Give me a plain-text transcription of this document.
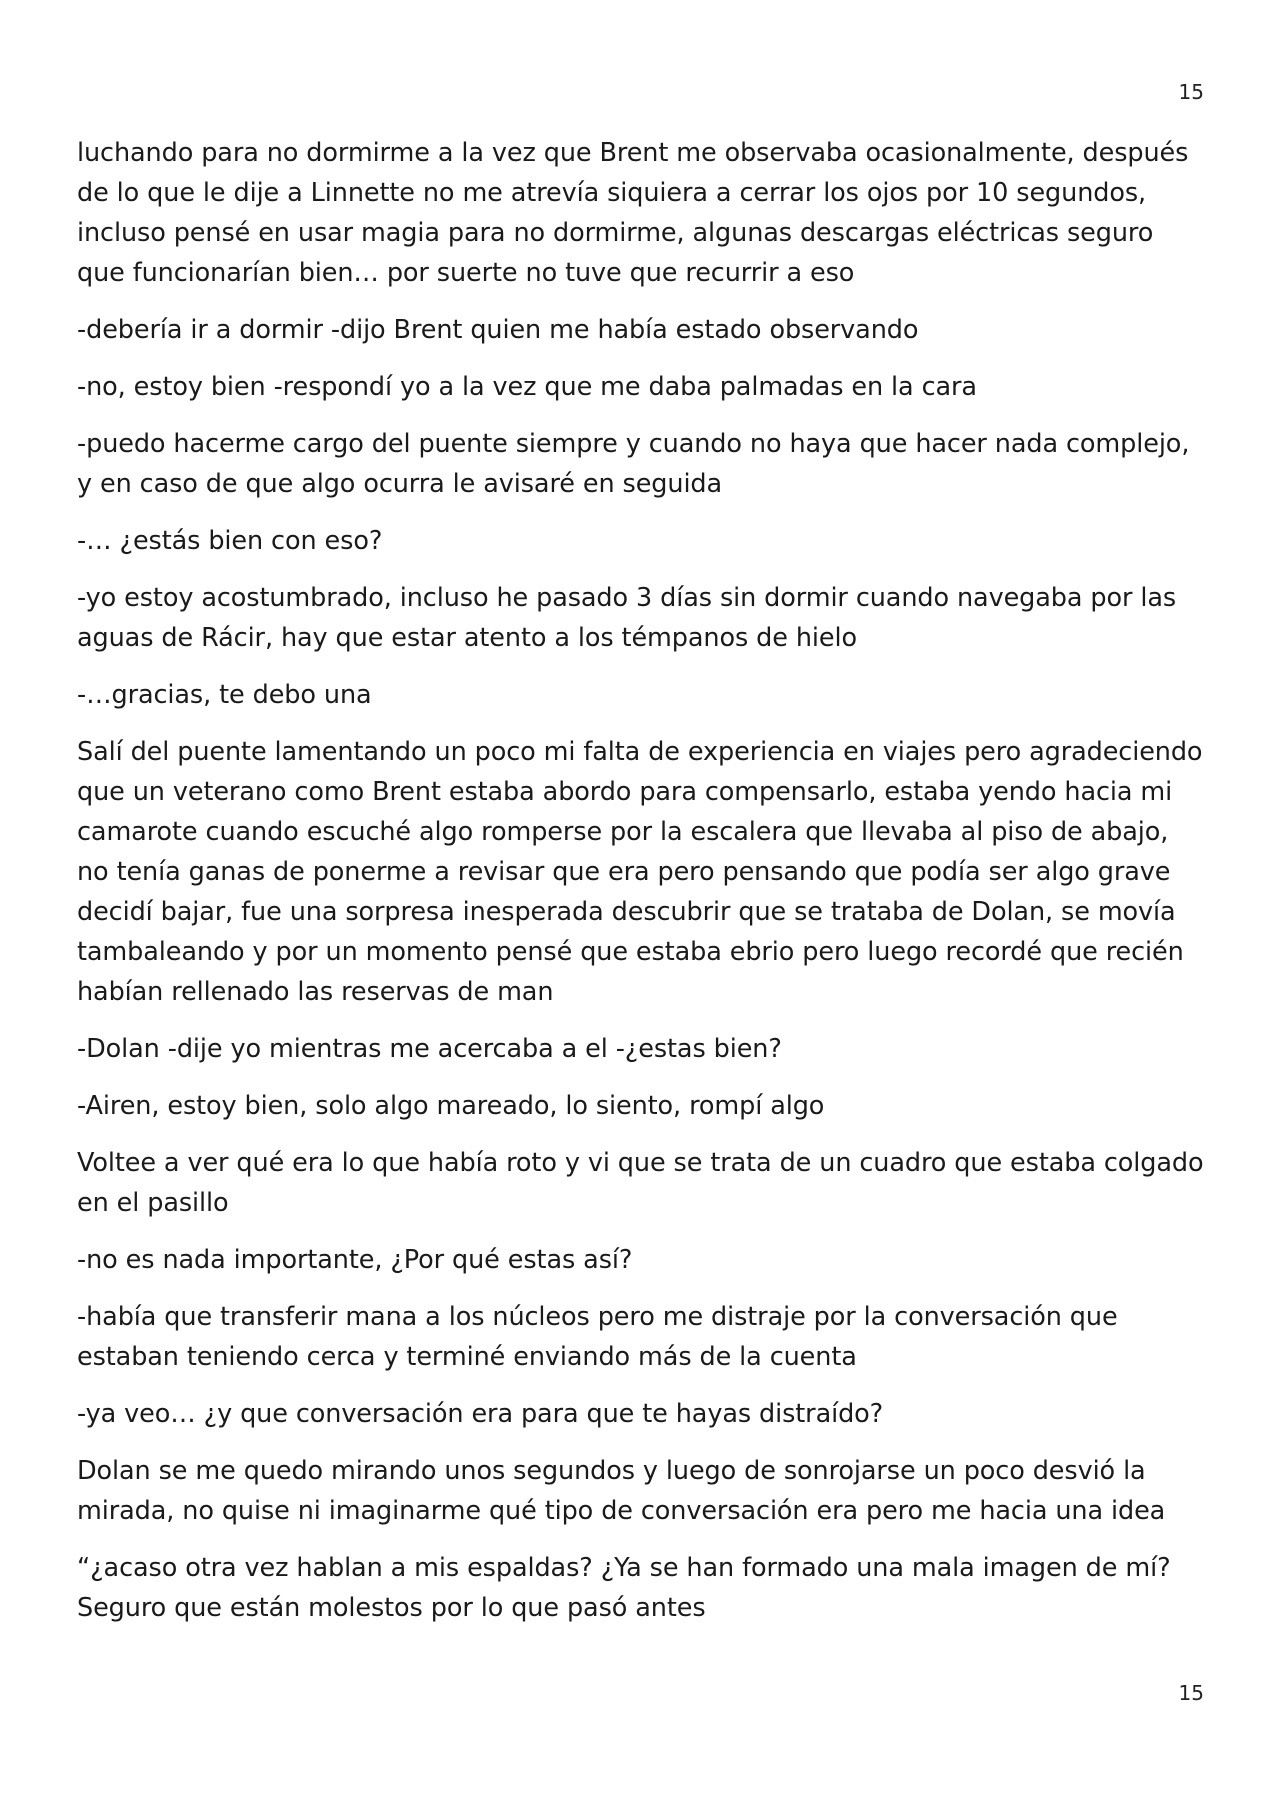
15

luchando para no dormirme a la vez que Brent me observaba ocasionalmente, después de lo que le dije a Linnette no me atrevía siquiera a cerrar los ojos por 10 segundos, incluso pensé en usar magia para no dormirme, algunas descargas eléctricas seguro que funcionarían bien… por suerte no tuve que recurrir a eso

-debería ir a dormir -dijo Brent quien me había estado observando

-no, estoy bien -respondí yo a la vez que me daba palmadas en la cara

-puedo hacerme cargo del puente siempre y cuando no haya que hacer nada complejo, y en caso de que algo ocurra le avisaré en seguida

-… ¿estás bien con eso?

-yo estoy acostumbrado, incluso he pasado 3 días sin dormir cuando navegaba por las aguas de Rácir, hay que estar atento a los témpanos de hielo

-…gracias, te debo una

Salí del puente lamentando un poco mi falta de experiencia en viajes pero agradeciendo que un veterano como Brent estaba abordo para compensarlo, estaba yendo hacia mi camarote cuando escuché algo romperse por la escalera que llevaba al piso de abajo, no tenía ganas de ponerme a revisar que era pero pensando que podía ser algo grave decidí bajar, fue una sorpresa inesperada descubrir que se trataba de Dolan, se movía tambaleando y por un momento pensé que estaba ebrio pero luego recordé que recién habían rellenado las reservas de man

-Dolan -dije yo mientras me acercaba a el -¿estas bien?

-Airen, estoy bien, solo algo mareado, lo siento, rompí algo

Voltee a ver qué era lo que había roto y vi que se trata de un cuadro que estaba colgado en el pasillo

-no es nada importante, ¿Por qué estas así?

-había que transferir mana a los núcleos pero me distraje por la conversación que estaban teniendo cerca y terminé enviando más de la cuenta

-ya veo… ¿y que conversación era para que te hayas distraído?

Dolan se me quedo mirando unos segundos y luego de sonrojarse un poco desvió la mirada, no quise ni imaginarme qué tipo de conversación era pero me hacia una idea

“¿acaso otra vez hablan a mis espaldas? ¿Ya se han formado una mala imagen de mí? Seguro que están molestos por lo que pasó antes

15
